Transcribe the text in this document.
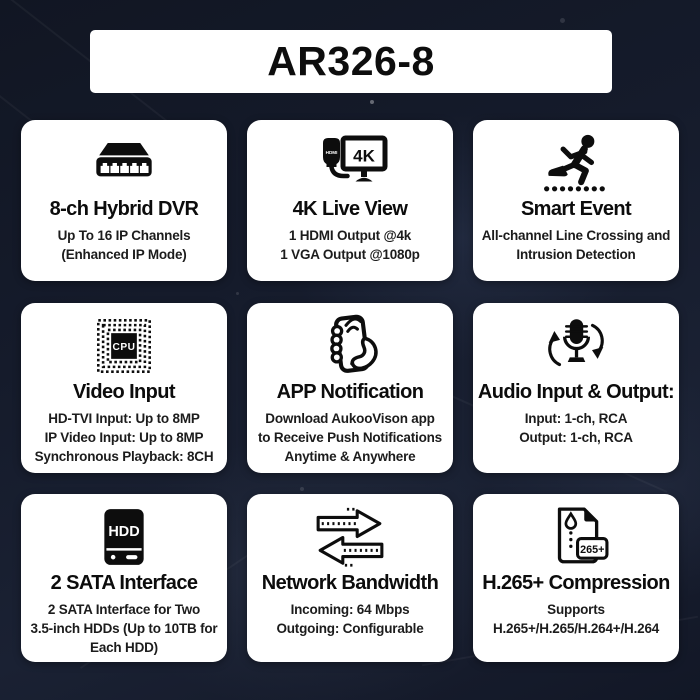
AR326-8
8-ch Hybrid DVR
Up To 16 IP Channels
(Enhanced IP Mode)
HDMI 4K
4K Live View
1 HDMI Output @4k
1 VGA Output @1080p
Smart Event
All-channel Line Crossing and
Intrusion Detection
CPU
Video Input
HD-TVI Input: Up to 8MP
IP Video Input: Up to 8MP
Synchronous Playback: 8CH
APP Notification
Download AukooVison app
to Receive Push Notifications
Anytime & Anywhere
Audio Input & Output:
Input: 1-ch, RCA
Output: 1-ch, RCA
HDD
2 SATA Interface
2 SATA Interface for Two
3.5-inch HDDs (Up to 10TB for
Each HDD)
Network Bandwidth
Incoming: 64 Mbps
Outgoing: Configurable
265+
H.265+ Compression
Supports
H.265+/H.265/H.264+/H.264
